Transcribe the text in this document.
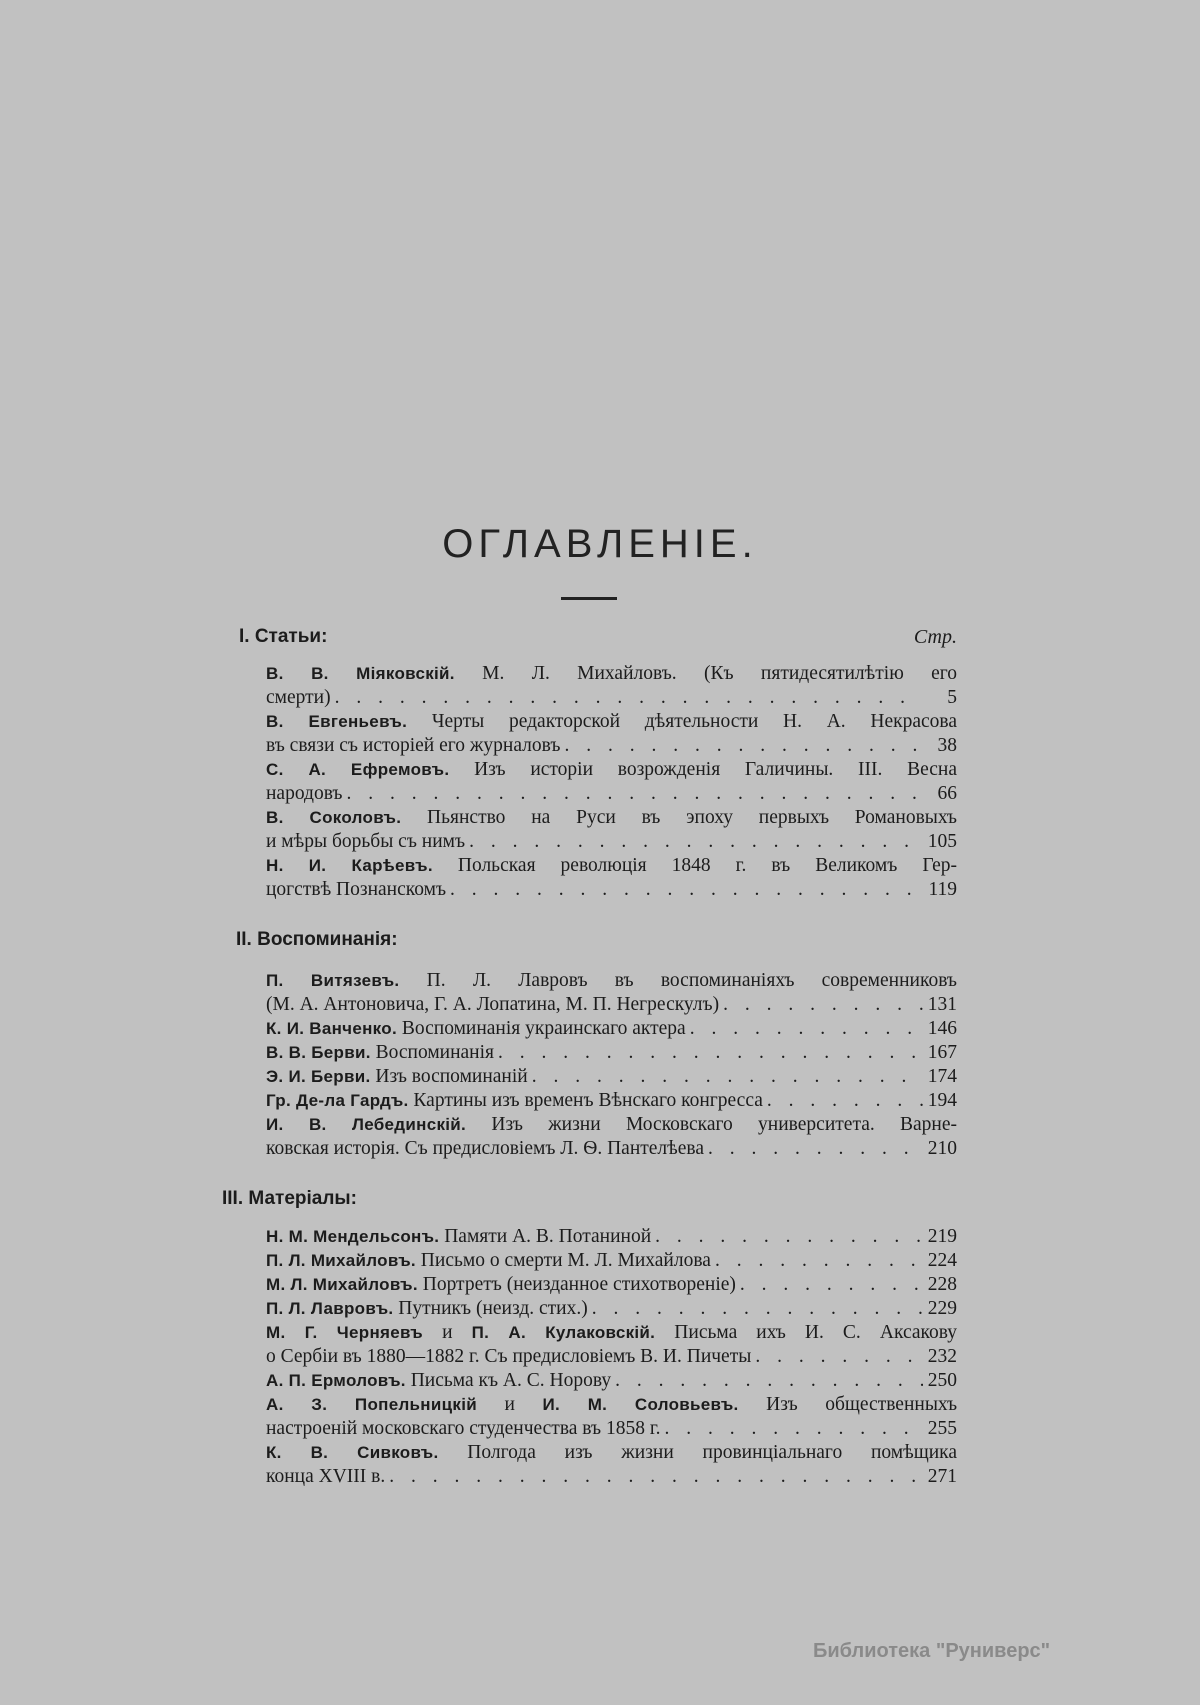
ОГЛАВЛЕНІЕ.
I. Статьи:	Стр.
В. В. Міяковскій. М. Л. Михайловъ. (Къ пятидесятилѣтію его
смерти) . . .	5
В. Евгеньевъ. Черты редакторской дѣятельности Н. А. Некрасова
въ связи съ исторіей его журналовъ . . .	38
С. А. Ефремовъ. Изъ исторіи возрожденія Галичины. III. Весна
народовъ . . .	66
В. Соколовъ. Пьянство на Руси въ эпоху первыхъ Романовыхъ
и мѣры борьбы съ нимъ . . .	105
Н. И. Карѣевъ. Польская революція 1848 г. въ Великомъ Гер-
цогствѣ Познанскомъ . . .	119
II. Воспоминанія:
П. Витязевъ. П. Л. Лавровъ въ воспоминаніяхъ современниковъ
(М. А. Антоновича, Г. А. Лопатина, М. П. Негрескулъ) . . .	131
К. И. Ванченко. Воспоминанія украинскаго актера . . .	146
В. В. Берви. Воспоминанія . . .	167
Э. И. Берви. Изъ воспоминаній . . .	174
Гр. Де-ла Гардъ. Картины изъ временъ Вѣнскаго конгресса . . .	194
И. В. Лебединскій. Изъ жизни Московскаго университета. Варне-
ковская исторія. Съ предисловіемъ Л. Ѳ. Пантелѣева . . .	210
III. Матеріалы:
Н. М. Мендельсонъ. Памяти А. В. Потаниной . . .	219
П. Л. Михайловъ. Письмо о смерти М. Л. Михайлова . . .	224
М. Л. Михайловъ. Портретъ (неизданное стихотвореніе) . . .	228
П. Л. Лавровъ. Путникъ (неизд. стих.) . . .	229
М. Г. Черняевъ и П. А. Кулаковскій. Письма ихъ И. С. Аксакову
о Сербіи въ 1880—1882 г. Съ предисловіемъ В. И. Пичеты . . .	232
А. П. Ермоловъ. Письма къ А. С. Норову . . .	250
А. З. Попельницкій и И. М. Соловьевъ. Изъ общественныхъ
настроеній московскаго студенчества въ 1858 г. . . .	255
К. В. Сивковъ. Полгода изъ жизни провинціальнаго помѣщика
конца XVIII в. . . .	271
Библиотека "Руниверс"
